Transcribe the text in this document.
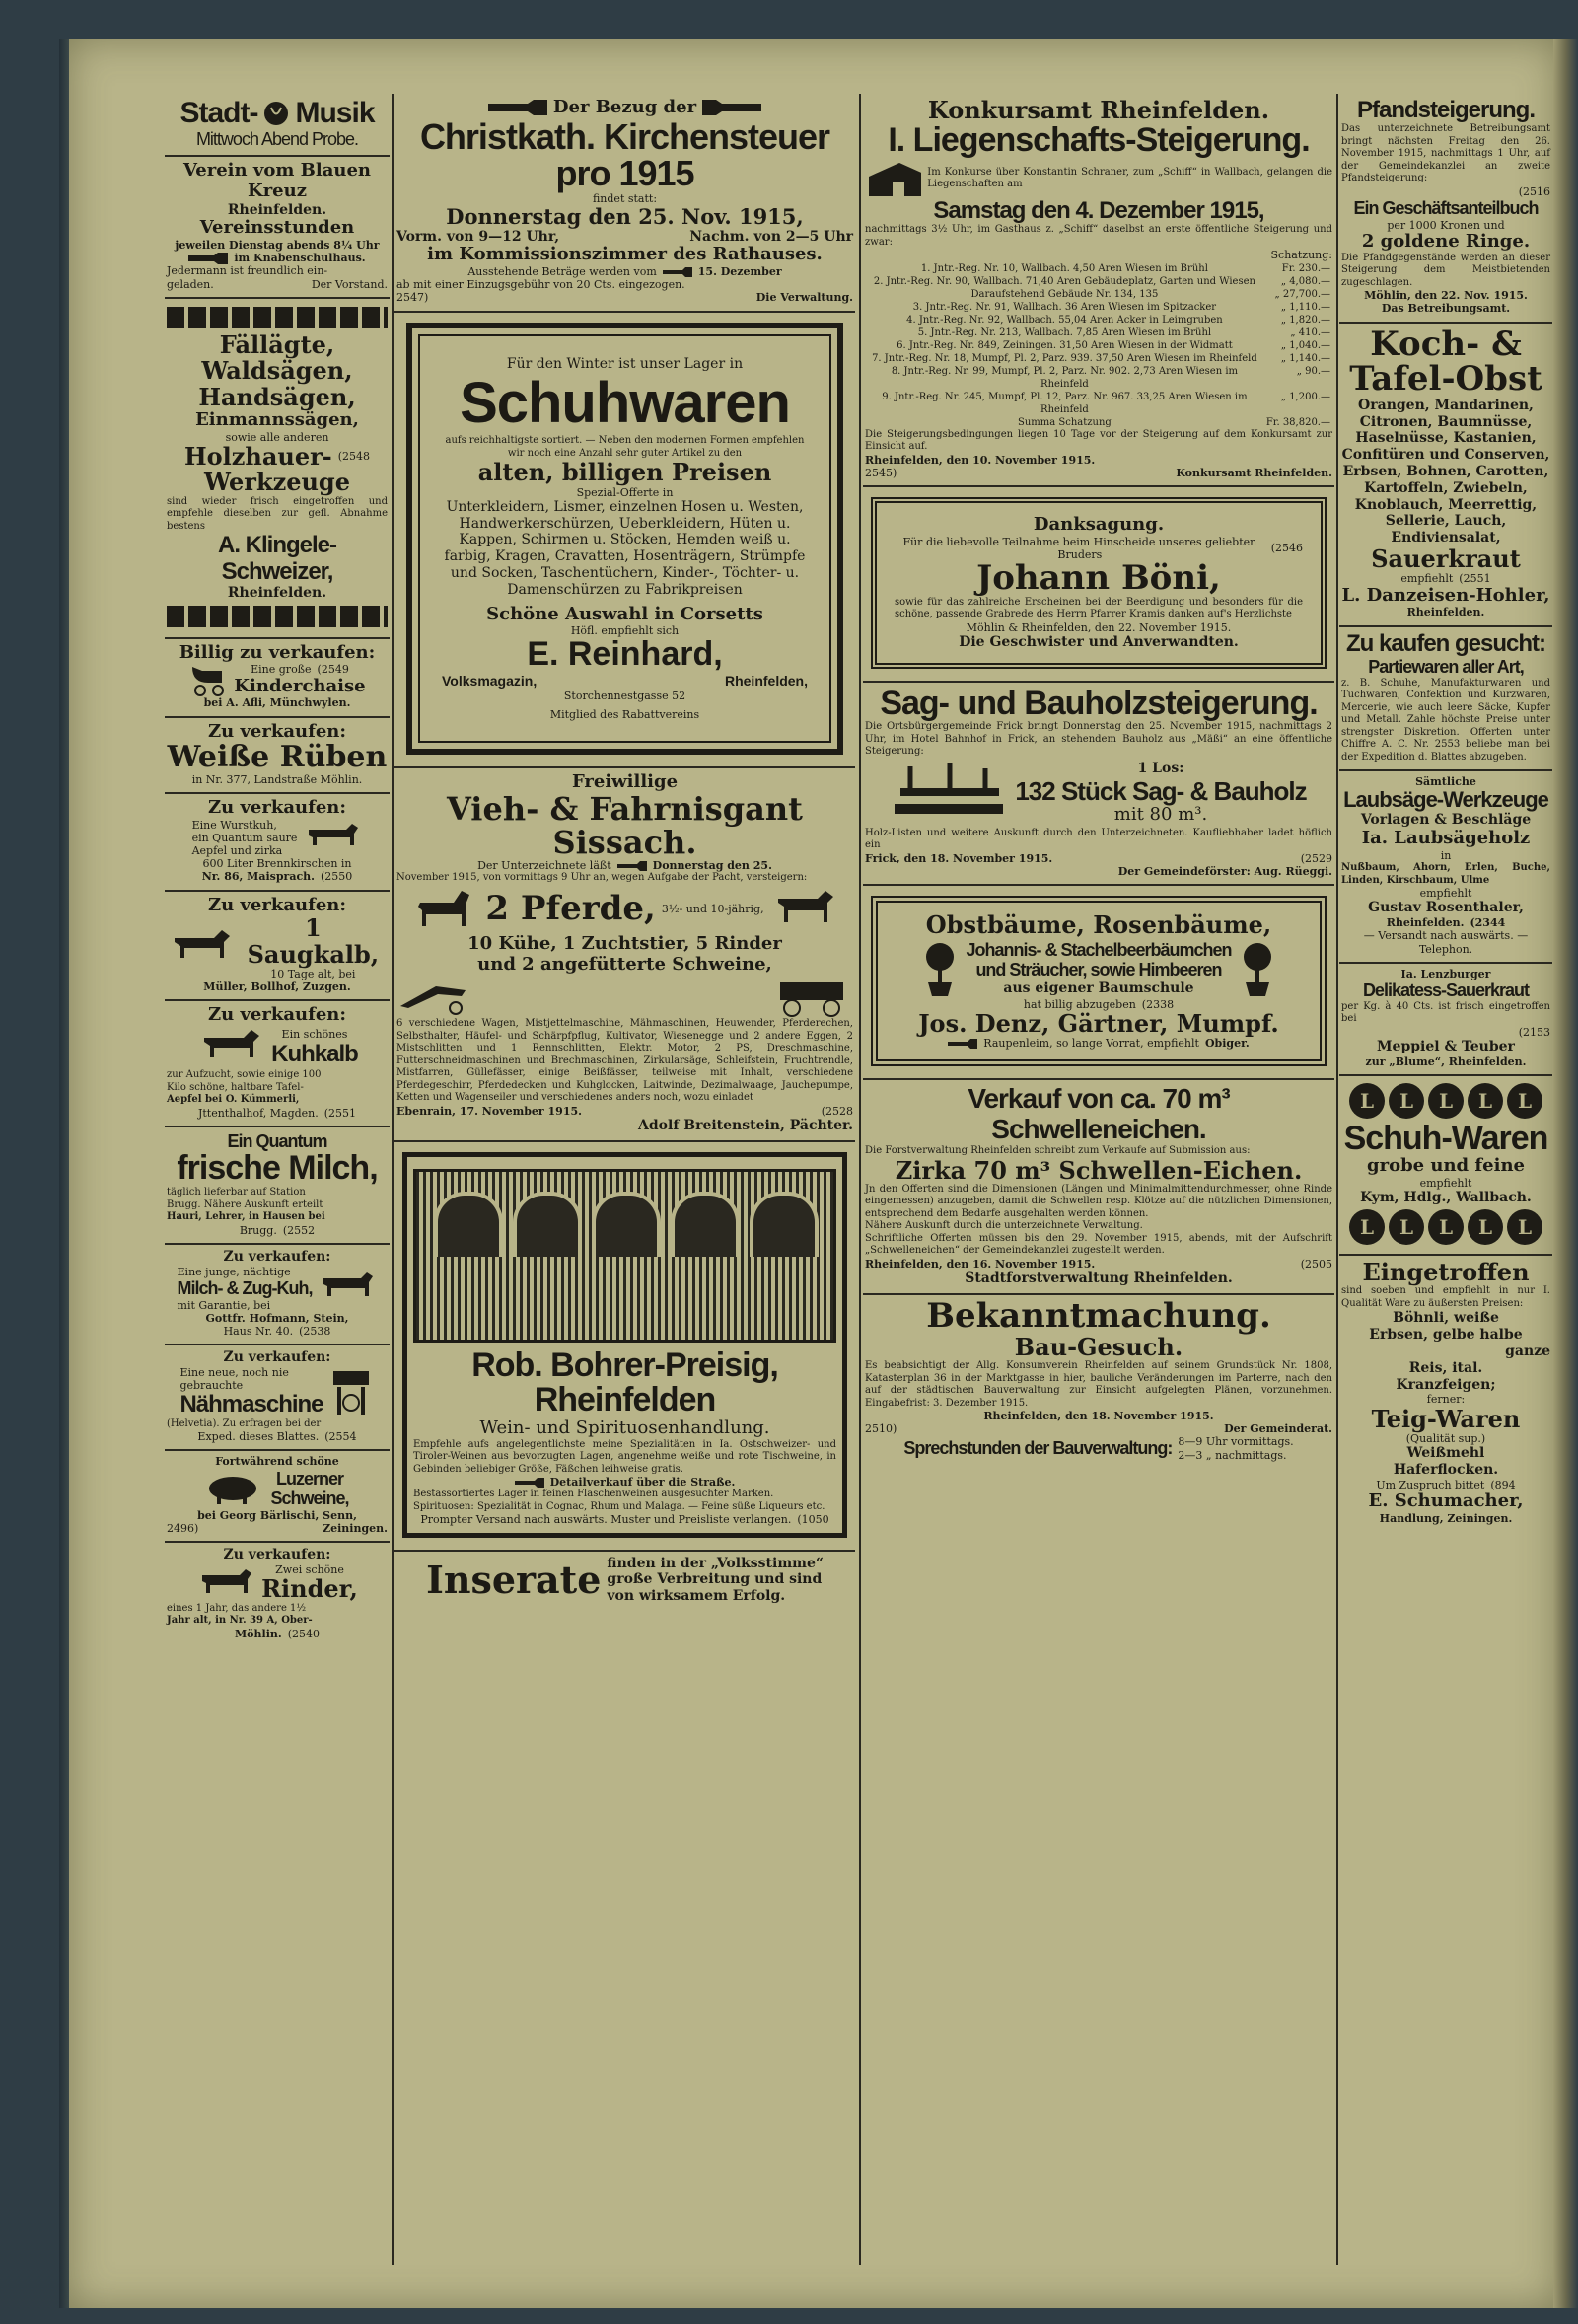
Stadt- Musik
Mittwoch Abend Probe.
Verein vom Blauen Kreuz
Rheinfelden.
Vereinsstunden
jeweilen Dienstag abends 8¼ Uhr
im Knabenschulhaus.
Jedermann ist freundlich ein-
geladen.	Der Vorstand.
Fällägte,
Waldsägen,
Handsägen,
Einmannssägen,
sowie alle anderen
Holzhauer- (2548
Werkzeuge
sind wieder frisch eingetroffen und empfehle dieselben zur gefl. Abnahme bestens
A. Klingele-Schweizer,
Rheinfelden.
Billig zu verkaufen:
Eine große (2549
Kinderchaise
bei A. Afli, Münchwylen.
Zu verkaufen:
Weiße Rüben
in Nr. 377, Landstraße Möhlin.
Zu verkaufen:
Eine Wurstkuh,
ein Quantum saure
Aepfel und zirka
600 Liter Brennkirschen in
Nr. 86, Maisprach. (2550
Zu verkaufen:
1 Saugkalb,
10 Tage alt, bei
Müller, Bollhof, Zuzgen.
Zu verkaufen:
Ein schönes
Kuhkalb
zur Aufzucht, sowie einige 100
Kilo schöne, haltbare Tafel-
Aepfel bei O. Kümmerli,
Jttenthalhof, Magden. (2551
Ein Quantum
frische Milch,
täglich lieferbar auf Station
Brugg. Nähere Auskunft erteilt
Hauri, Lehrer, in Hausen bei
Brugg. (2552
Zu verkaufen:
Eine junge, nächtige
Milch- & Zug-Kuh,
mit Garantie, bei
Gottfr. Hofmann, Stein,
Haus Nr. 40. (2538
Zu verkaufen:
Eine neue, noch nie
gebrauchte
Nähmaschine
(Helvetia). Zu erfragen bei der
Exped. dieses Blattes. (2554
Fortwährend schöne
Luzerner
Schweine,
bei Georg Bärlischi, Senn,
2496)	Zeiningen.
Zu verkaufen:
Zwei schöne
Rinder,
eines 1 Jahr, das andere 1½
Jahr alt, in Nr. 39 A, Ober-
Möhlin. (2540
Der Bezug der
Christkath. Kirchensteuer pro 1915
findet statt:
Donnerstag den 25. Nov. 1915,
Vorm. von 9—12 Uhr,	Nachm. von 2—5 Uhr
im Kommissionszimmer des Rathauses.
Ausstehende Beträge werden vom	15. Dezember
ab mit einer Einzugsgebühr von 20 Cts. eingezogen.
2547)	Die Verwaltung.
Für den Winter ist unser Lager in
Schuhwaren
aufs reichhaltigste sortiert. — Neben den modernen Formen empfehlen wir noch eine Anzahl sehr guter Artikel zu den
alten, billigen Preisen
Spezial-Offerte in
Unterkleidern, Lismer, einzelnen Hosen u. Westen, Handwerkerschürzen, Ueberkleidern, Hüten u. Kappen, Schirmen u. Stöcken, Hemden weiß u. farbig, Kragen, Cravatten, Hosenträgern, Strümpfe und Socken, Taschentüchern, Kinder-, Töchter- u. Damenschürzen zu Fabrikpreisen
Schöne Auswahl in Corsetts
Höfl. empfiehlt sich
E. Reinhard,
Volksmagazin,	Rheinfelden,
Storchennestgasse 52
Mitglied des Rabattvereins
Freiwillige
Vieh- & Fahrnisgant Sissach.
Der Unterzeichnete läßt	Donnerstag den 25.
November 1915, von vormittags 9 Uhr an, wegen Aufgabe der Pacht, versteigern:
2 Pferde, 3½- und 10-jährig,
10 Kühe, 1 Zuchtstier, 5 Rinder
und 2 angefütterte Schweine,
6 verschiedene Wagen, Mistjettelmaschine, Mähmaschinen, Heuwender, Pferderechen, Selbsthalter, Häufel- und Schärpfpflug, Kultivator, Wiesenegge und 2 andere Eggen, 2 Mistschlitten und 1 Rennschlitten, Elektr. Motor, 2 PS, Dreschmaschine, Futterschneidmaschinen und Brechmaschinen, Zirkularsäge, Schleifstein, Fruchtrendle, Mistfarren, Güllefässer, einige Beißfässer, teilweise mit Inhalt, verschiedene Pferdegeschirr, Pferdedecken und Kuhglocken, Laitwinde, Dezimalwaage, Jauchepumpe, Ketten und Wagenseiler und verschiedenes anders noch, wozu einladet
Ebenrain, 17. November 1915.	(2528
Adolf Breitenstein, Pächter.
Rob. Bohrer-Preisig, Rheinfelden
Wein- und Spirituosenhandlung.
Empfehle aufs angelegentlichste meine Spezialitäten in Ia. Ostschweizer- und Tiroler-Weinen aus bevorzugten Lagen, angenehme weiße und rote Tischweine, in Gebinden beliebiger Größe, Fäßchen leihweise gratis.
Detailverkauf über die Straße.
Bestassortiertes Lager in feinen Flaschenweinen ausgesuchter Marken.
Spirituosen: Spezialität in Cognac, Rhum und Malaga. — Feine süße Liqueurs etc.
Prompter Versand nach auswärts. Muster und Preisliste verlangen. (1050
Inserate finden in der „Volksstimme“
große Verbreitung und sind
von wirksamem Erfolg.
Konkursamt Rheinfelden.
I. Liegenschafts-Steigerung.
Im Konkurse über Konstantin Schraner, zum „Schiff“ in Wallbach, gelangen die Liegenschaften am
Samstag den 4. Dezember 1915,
nachmittags 3½ Uhr, im Gasthaus z. „Schiff“ daselbst an erste öffentliche Steigerung und zwar:
Schatzung:
1. Jntr.-Reg. Nr. 10, Wallbach. 4,50 Aren Wiesen im Brühl	Fr. 230.—
2. Jntr.-Reg. Nr. 90, Wallbach. 71,40 Aren Gebäudeplatz, Garten und Wiesen	„ 4,080.—
Daraufstehend Gebäude Nr. 134, 135	„ 27,700.—
3. Jntr.-Reg. Nr. 91, Wallbach. 36 Aren Wiesen im Spitzacker	„ 1,110.—
4. Jntr.-Reg. Nr. 92, Wallbach. 55,04 Aren Acker in Leimgruben	„ 1,820.—
5. Jntr.-Reg. Nr. 213, Wallbach. 7,85 Aren Wiesen im Brühl	„ 410.—
6. Jntr.-Reg. Nr. 849, Zeiningen. 31,50 Aren Wiesen in der Widmatt	„ 1,040.—
7. Jntr.-Reg. Nr. 18, Mumpf, Pl. 2, Parz. 939. 37,50 Aren Wiesen im Rheinfeld	„ 1,140.—
8. Jntr.-Reg. Nr. 99, Mumpf, Pl. 2, Parz. Nr. 902. 2,73 Aren Wiesen im Rheinfeld	„ 90.—
9. Jntr.-Reg. Nr. 245, Mumpf, Pl. 12, Parz. Nr. 967. 33,25 Aren Wiesen im Rheinfeld	„ 1,200.—
Summa Schatzung	Fr. 38,820.—
Die Steigerungsbedingungen liegen 10 Tage vor der Steigerung auf dem Konkursamt zur Einsicht auf.
Rheinfelden, den 10. November 1915.
2545)	Konkursamt Rheinfelden.
Danksagung.
Für die liebevolle Teilnahme beim Hinscheide unseres geliebten Bruders
(2546
Johann Böni,
sowie für das zahlreiche Erscheinen bei der Beerdigung und besonders für die schöne, passende Grabrede des Herrn Pfarrer Kramis danken auf's Herzlichste
Möhlin & Rheinfelden, den 22. November 1915.
Die Geschwister und Anverwandten.
Sag- und Bauholzsteigerung.
Die Ortsbürgergemeinde Frick bringt Donnerstag den 25. November 1915, nachmittags 2 Uhr, im Hotel Bahnhof in Frick, an stehendem Bauholz aus „Mäßi“ an eine öffentliche Steigerung:
1 Los:
132 Stück Sag- & Bauholz
mit 80 m³.
Holz-Listen und weitere Auskunft durch den Unterzeichneten. Kaufliebhaber ladet höflich ein
Frick, den 18. November 1915.	(2529
Der Gemeindeförster: Aug. Rüeggi.
Obstbäume, Rosenbäume,
Johannis- & Stachelbeerbäumchen
und Sträucher, sowie Himbeeren
aus eigener Baumschule
hat billig abzugeben (2338
Jos. Denz, Gärtner, Mumpf.
Raupenleim, so lange Vorrat, empfiehlt Obiger.
Verkauf von ca. 70 m³ Schwelleneichen.
Die Forstverwaltung Rheinfelden schreibt zum Verkaufe auf Submission aus:
Zirka 70 m³ Schwellen-Eichen.
Jn den Offerten sind die Dimensionen (Längen und Minimalmittendurchmesser, ohne Rinde eingemessen) anzugeben, damit die Schwellen resp. Klötze auf die nützlichen Dimensionen, entsprechend dem Bedarfe ausgehalten werden können.
Nähere Auskunft durch die unterzeichnete Verwaltung.
Schriftliche Offerten müssen bis den 29. November 1915, abends, mit der Aufschrift „Schwelleneichen“ der Gemeindekanzlei zugestellt werden.
Rheinfelden, den 16. November 1915.	(2505
Stadtforstverwaltung Rheinfelden.
Bekanntmachung.
Bau-Gesuch.
Es beabsichtigt der Allg. Konsumverein Rheinfelden auf seinem Grundstück Nr. 1808, Katasterplan 36 in der Marktgasse in hier, bauliche Veränderungen im Parterre, nach den auf der städtischen Bauverwaltung zur Einsicht aufgelegten Plänen, vorzunehmen. Eingabefrist: 3. Dezember 1915.
Rheinfelden, den 18. November 1915.
2510)	Der Gemeinderat.
Sprechstunden der Bauverwaltung: 8—9 Uhr vormittags.
2—3 „ nachmittags.
Pfandsteigerung.
Das unterzeichnete Betreibungsamt bringt nächsten Freitag den 26. November 1915, nachmittags 1 Uhr, auf der Gemeindekanzlei an zweite Pfandsteigerung:
(2516
Ein Geschäftsanteilbuch
per 1000 Kronen und
2 goldene Ringe.
Die Pfandgegenstände werden an dieser Steigerung dem Meistbietenden zugeschlagen.
Möhlin, den 22. Nov. 1915.
Das Betreibungsamt.
Koch- &
Tafel-Obst
Orangen, Mandarinen, Citronen, Baumnüsse, Haselnüsse, Kastanien, Confitüren und Conserven, Erbsen, Bohnen, Carotten, Kartoffeln, Zwiebeln, Knoblauch, Meerrettig, Sellerie, Lauch, Endiviensalat,
Sauerkraut
empfiehlt (2551
L. Danzeisen-Hohler,
Rheinfelden.
Zu kaufen gesucht:
Partiewaren aller Art,
z. B. Schuhe, Manufakturwaren und Tuchwaren, Confektion und Kurzwaren, Mercerie, wie auch leere Säcke, Kupfer und Metall. Zahle höchste Preise unter strengster Diskretion. Offerten unter Chiffre A. C. Nr. 2553 beliebe man bei der Expedition d. Blattes abzugeben.
Sämtliche
Laubsäge-Werkzeuge
Vorlagen & Beschläge
Ia. Laubsägeholz
in
Nußbaum, Ahorn, Erlen, Buche, Linden, Kirschbaum, Ulme
empfiehlt
Gustav Rosenthaler,
Rheinfelden. (2344
— Versandt nach auswärts. —
Telephon.
Ia. Lenzburger
Delikatess-Sauerkraut
per Kg. à 40 Cts. ist frisch eingetroffen bei
(2153
Meppiel & Teuber
zur „Blume“, Rheinfelden.
L	L	L	L	L
Schuh-Waren
grobe und feine
empfiehlt
Kym, Hdlg., Wallbach.
L	L	L	L	L
Eingetroffen
sind soeben und empfiehlt in nur I. Qualität Ware zu äußersten Preisen:
Böhnli, weiße
Erbsen, gelbe halbe
ganze
Reis, ital.
Kranzfeigen;
ferner:
Teig-Waren
(Qualität sup.)
Weißmehl
Haferflocken.
Um Zuspruch bittet (894
E. Schumacher,
Handlung, Zeiningen.
